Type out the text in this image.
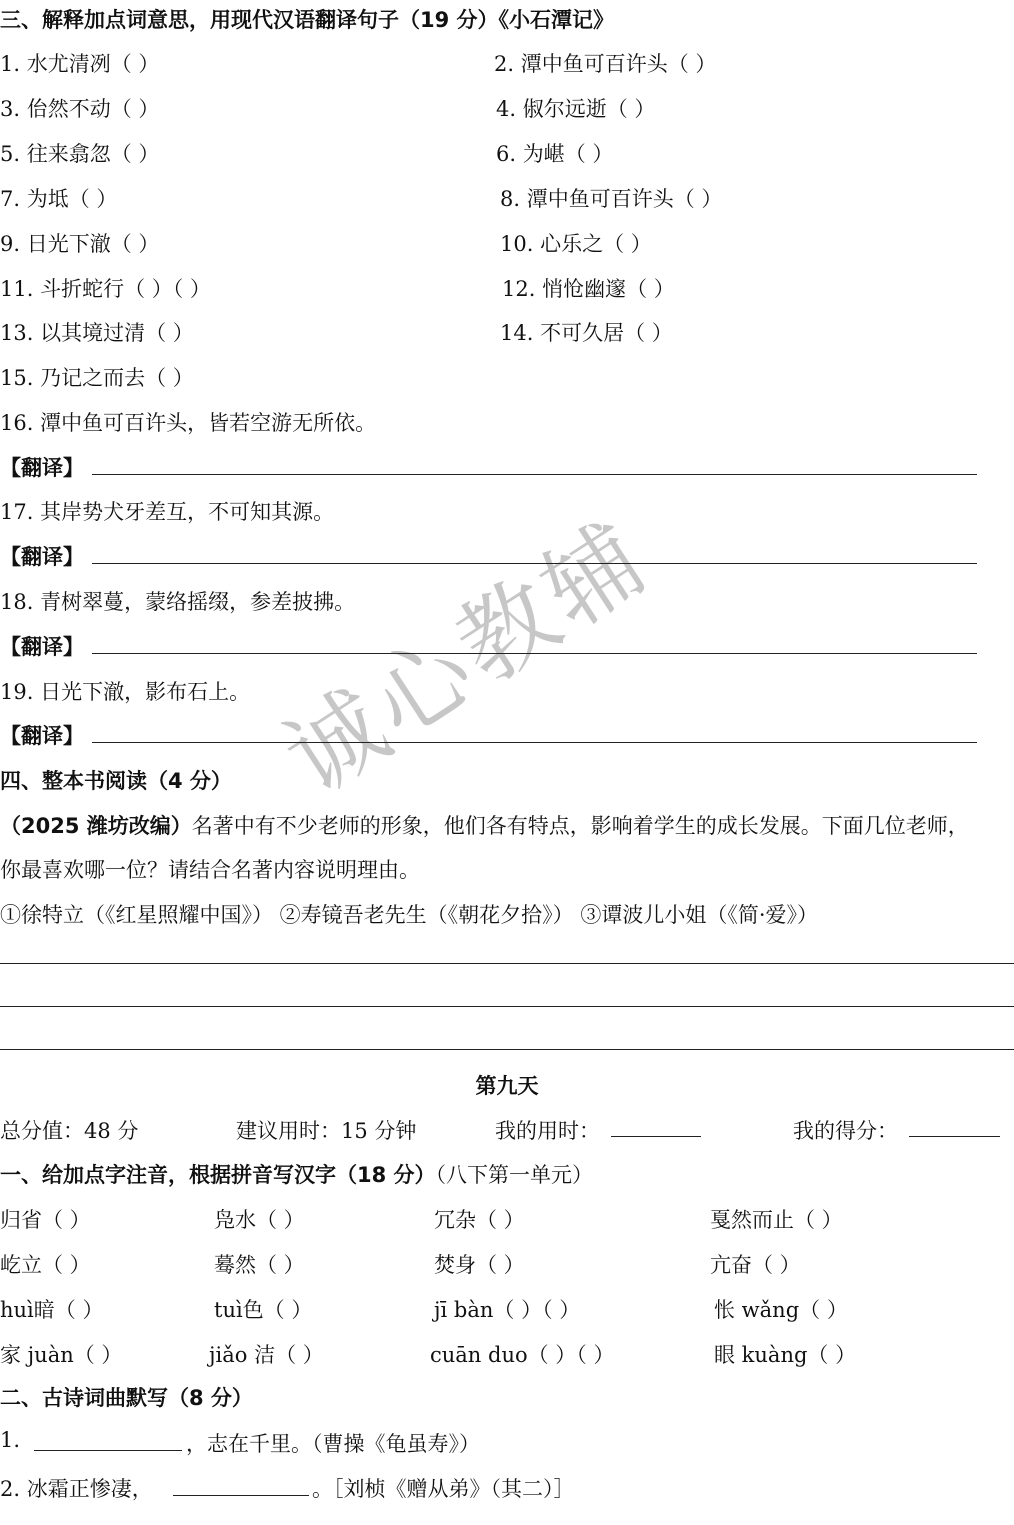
诚心教辅
三、解释加点词意思，用现代汉语翻译句子（19 分）《小石潭记》
1. 水尤清冽（ ）	2. 潭中鱼可百许头（ ）
3. 佁然不动（ ）	4. 俶尔远逝（ ）
5. 往来翕忽（ ）	6. 为嵁（ ）
7. 为坻（ ）	8. 潭中鱼可百许头（ ）
9. 日光下澈（ ）	10. 心乐之（ ）
11. 斗折蛇行（ ）（ ）	12. 悄怆幽邃（ ）
13. 以其境过清（ ）	14. 不可久居（ ）
15. 乃记之而去（ ）
16. 潭中鱼可百许头，皆若空游无所依。
【翻译】
17. 其岸势犬牙差互，不可知其源。
【翻译】
18. 青树翠蔓，蒙络摇缀，参差披拂。
【翻译】
19. 日光下澈，影布石上。
【翻译】
四、整本书阅读（4 分）
（2025 潍坊改编）名著中有不少老师的形象，他们各有特点，影响着学生的成长发展。下面几位老师，
你最喜欢哪一位？请结合名著内容说明理由。
①徐特立（《红星照耀中国》） ②寿镜吾老先生（《朝花夕拾》） ③谭波儿小姐（《简·爱》）
第九天
总分值：48 分	建议用时：15 分钟	我的用时：	我的得分：
一、给加点字注音，根据拼音写汉字（18 分）（八下第一单元）
归省（ ）	凫水（ ）	冗杂（ ）	戛然而止（ ）
屹立（ ）	蓦然（ ）	焚身（ ）	亢奋（ ）
huì暗（ ）	tuì色（ ）	jī bàn（ ）（ ）	怅 wǎng（ ）
家 juàn（ ）	jiǎo 洁（ ）	cuān duo（ ）（ ）	眼 kuàng（ ）
二、古诗词曲默写（8 分）
1.	，志在千里。（曹操《龟虽寿》）
2. 冰霜正惨凄，	。［刘桢《赠从弟》（其二）］
